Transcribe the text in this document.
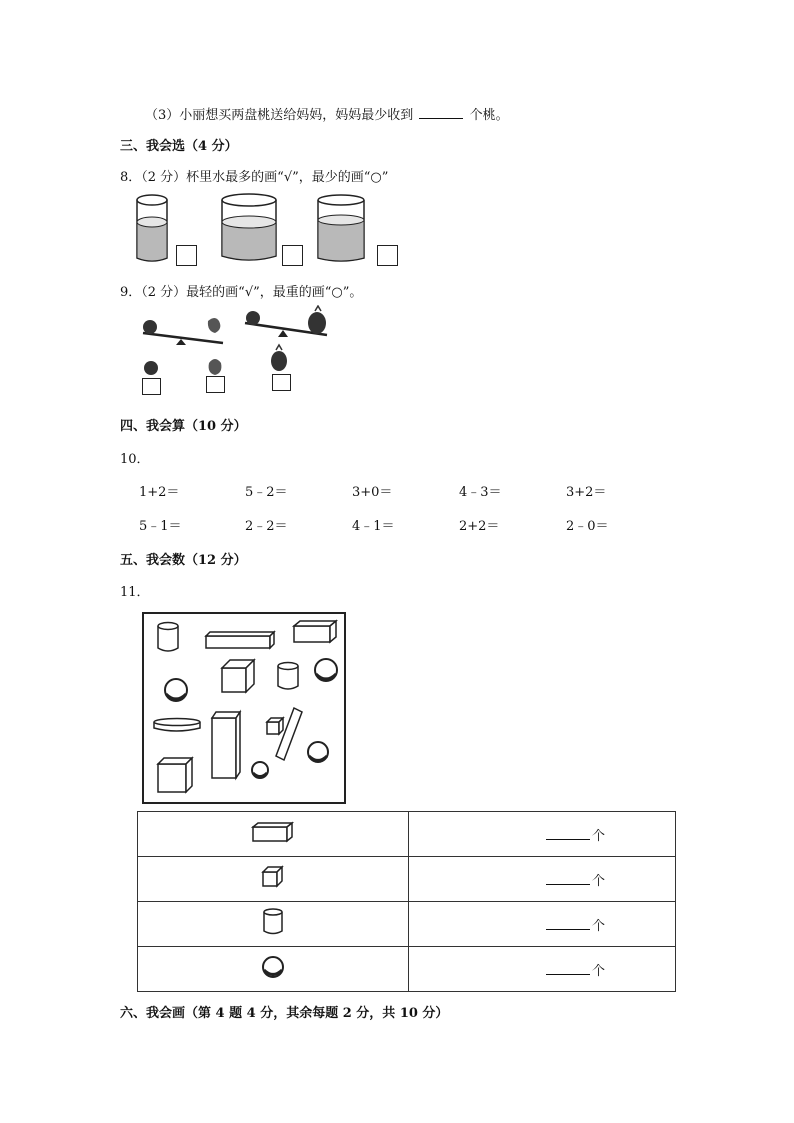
（3）小丽想买两盘桃送给妈妈，妈妈最少收到	个桃。
三、我会选（4 分）
8．（2 分）杯里水最多的画“√”，最少的画“○”
9．（2 分）最轻的画“√”，最重的画“○”。
四、我会算（10 分）
10．
1+2＝	5﹣2＝	3+0＝	4﹣3＝	3+2＝
5﹣1＝	2﹣2＝	4﹣1＝	2+2＝	2﹣0＝
五、我会数（12 分）
11．
	个
	个
	个
	个
六、我会画（第 4 题 4 分，其余每题 2 分，共 10 分）
